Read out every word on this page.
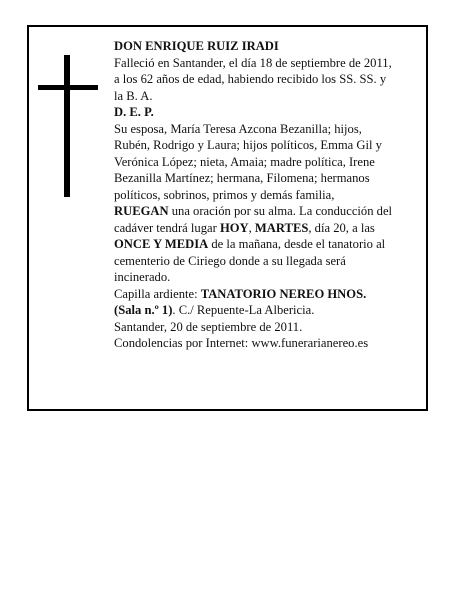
DON ENRIQUE RUIZ IRADI
Falleció en Santander, el día 18 de septiembre de 2011,
a los 62 años de edad, habiendo recibido los SS. SS. y
la B. A.
D. E. P.
Su esposa, María Teresa Azcona Bezanilla; hijos,
Rubén, Rodrigo y Laura; hijos políticos, Emma Gil y
Verónica López; nieta, Amaia; madre política, Irene
Bezanilla Martínez; hermana, Filomena; hermanos
políticos, sobrinos, primos y demás familia,
RUEGAN una oración por su alma. La conducción del
cadáver tendrá lugar HOY, MARTES, día 20, a las
ONCE Y MEDIA de la mañana, desde el tanatorio al
cementerio de Ciriego donde a su llegada será
incinerado.
Capilla ardiente: TANATORIO NEREO HNOS.
(Sala n.º 1). C./ Repuente-La Albericia.
Santander, 20 de septiembre de 2011.
Condolencias por Internet: www.funerarianereo.es
